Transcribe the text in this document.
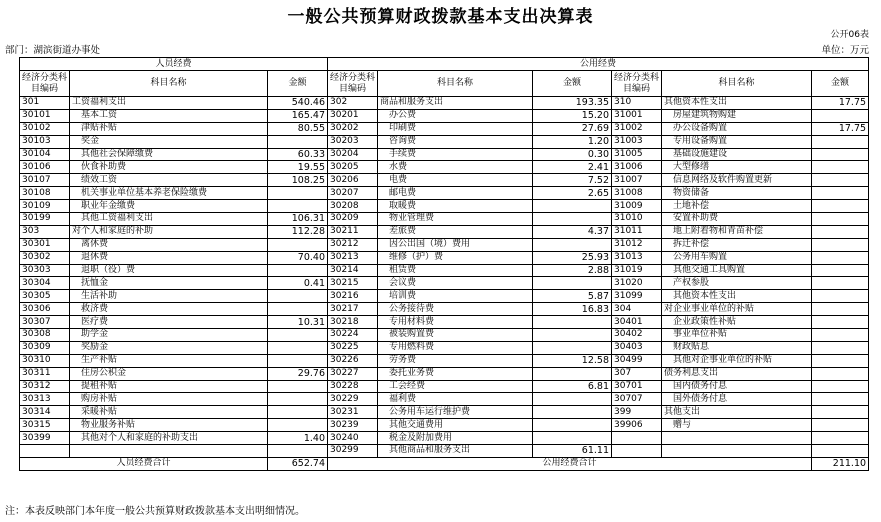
一般公共预算财政拨款基本支出决算表
公开06表
部门：湖滨街道办事处	单位：万元
人员经费			公用经费					
经济分类科目编码	科目名称	金额	经济分类科目编码	科目名称	金额	经济分类科目编码	科目名称	金额
301	工资福利支出	540.46	302	商品和服务支出	193.35	310	其他资本性支出	17.75
30101	基本工资	165.47	30201	办公费	15.20	31001	房屋建筑物购建	
30102	津贴补贴	80.55	30202	印刷费	27.69	31002	办公设备购置	17.75
30103	奖金		30203	咨询费	1.20	31003	专用设备购置	
30104	其他社会保障缴费	60.33	30204	手续费	0.30	31005	基础设施建设	
30106	伙食补助费	19.55	30205	水费	2.41	31006	大型修缮	
30107	绩效工资	108.25	30206	电费	7.52	31007	信息网络及软件购置更新	
30108	机关事业单位基本养老保险缴费		30207	邮电费	2.65	31008	物资储备	
30109	职业年金缴费		30208	取暖费		31009	土地补偿	
30199	其他工资福利支出	106.31	30209	物业管理费		31010	安置补助费	
303	对个人和家庭的补助	112.28	30211	差旅费	4.37	31011	地上附着物和青苗补偿	
30301	离休费		30212	因公出国（境）费用		31012	拆迁补偿	
30302	退休费	70.40	30213	维修（护）费	25.93	31013	公务用车购置	
30303	退职（役）费		30214	租赁费	2.88	31019	其他交通工具购置	
30304	抚恤金	0.41	30215	会议费		31020	产权参股	
30305	生活补助		30216	培训费	5.87	31099	其他资本性支出	
30306	救济费		30217	公务接待费	16.83	304	对企业事业单位的补贴	
30307	医疗费	10.31	30218	专用材料费		30401	企业政策性补贴	
30308	助学金		30224	被装购置费		30402	事业单位补贴	
30309	奖励金		30225	专用燃料费		30403	财政贴息	
30310	生产补贴		30226	劳务费	12.58	30499	其他对企事业单位的补贴	
30311	住房公积金	29.76	30227	委托业务费		307	债务利息支出	
30312	提租补贴		30228	工会经费	6.81	30701	国内债务付息	
30313	购房补贴		30229	福利费		30707	国外债务付息	
30314	采暖补贴		30231	公务用车运行维护费		399	其他支出	
30315	物业服务补贴		30239	其他交通费用		39906	赠与	
30399	其他对个人和家庭的补助支出	1.40	30240	税金及附加费用				
			30299	其他商品和服务支出	61.11			
人员经费合计		652.74	公用经费合计					211.10
注：本表反映部门本年度一般公共预算财政拨款基本支出明细情况。
